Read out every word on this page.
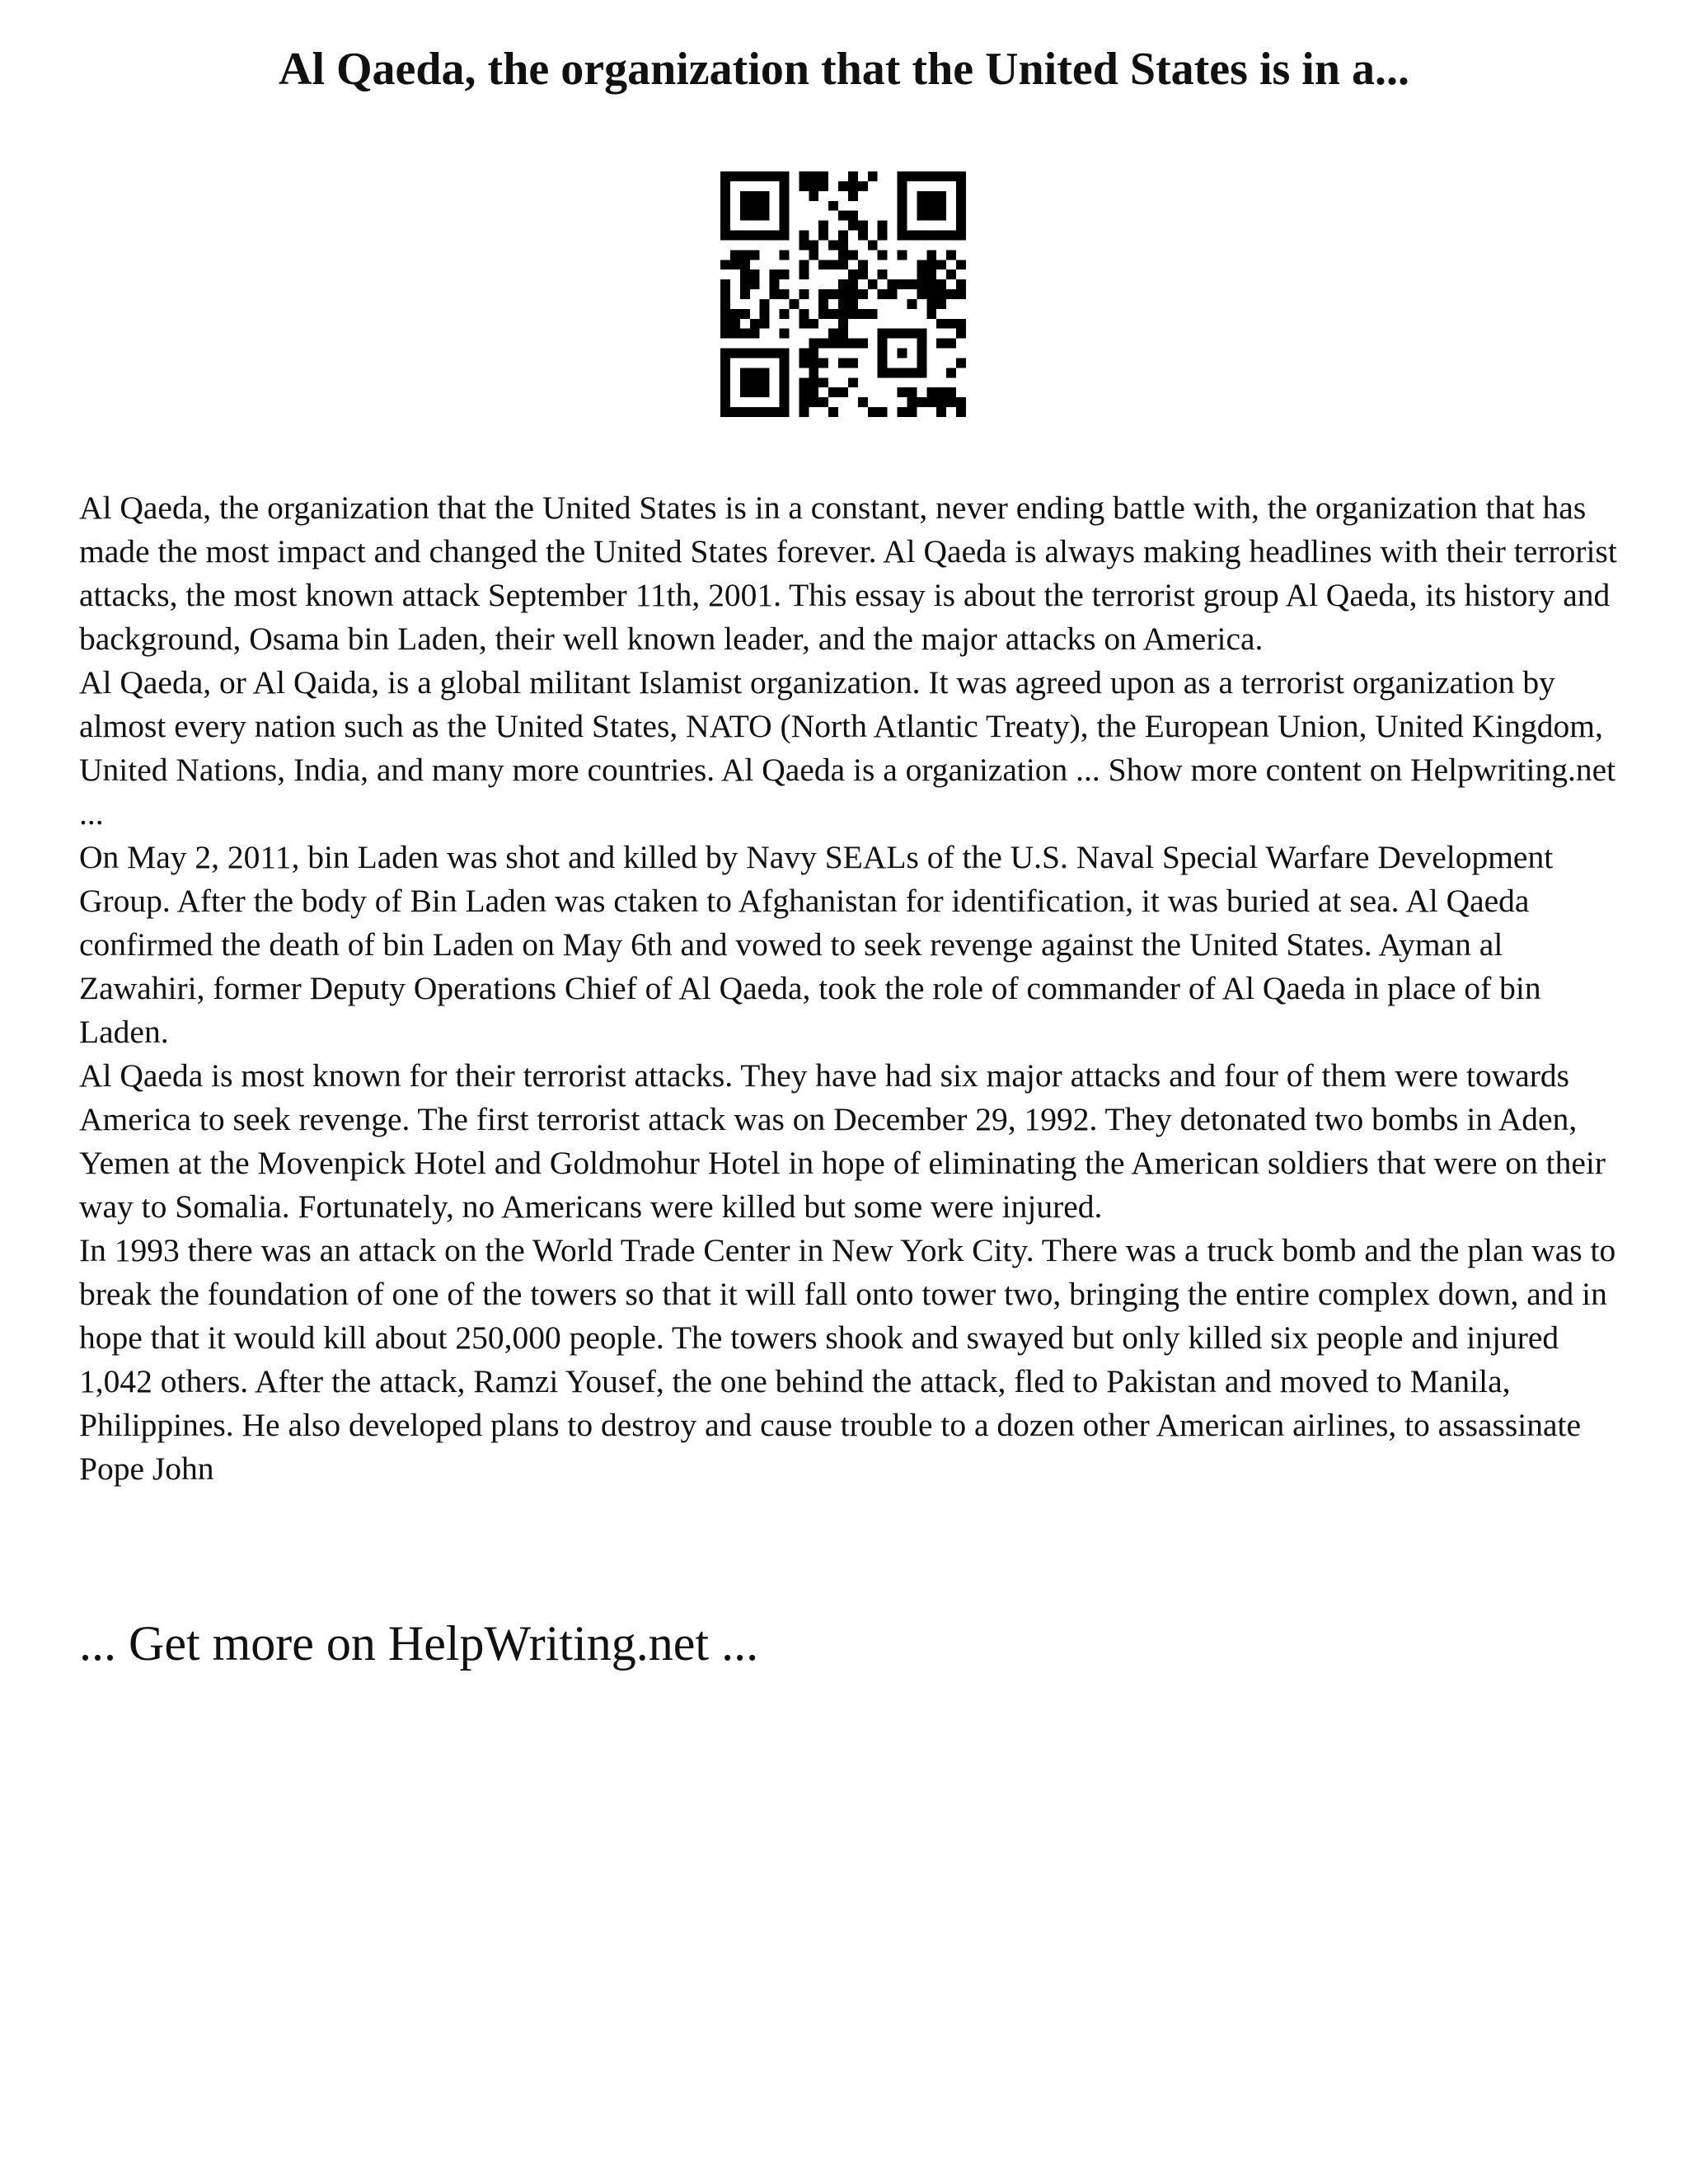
Al Qaeda, the organization that the United States is in a...

Al Qaeda, the organization that the United States is in a constant, never ending battle with, the organization that has made the most impact and changed the United States forever. Al Qaeda is always making headlines with their terrorist attacks, the most known attack September 11th, 2001. This essay is about the terrorist group Al Qaeda, its history and background, Osama bin Laden, their well known leader, and the major attacks on America.

Al Qaeda, or Al Qaida, is a global militant Islamist organization. It was agreed upon as a terrorist organization by almost every nation such as the United States, NATO (North Atlantic Treaty), the European Union, United Kingdom, United Nations, India, and many more countries. Al Qaeda is a organization ... Show more content on Helpwriting.net ...

On May 2, 2011, bin Laden was shot and killed by Navy SEALs of the U.S. Naval Special Warfare Development Group. After the body of Bin Laden was ctaken to Afghanistan for identification, it was buried at sea. Al Qaeda confirmed the death of bin Laden on May 6th and vowed to seek revenge against the United States. Ayman al Zawahiri, former Deputy Operations Chief of Al Qaeda, took the role of commander of Al Qaeda in place of bin Laden.

Al Qaeda is most known for their terrorist attacks. They have had six major attacks and four of them were towards America to seek revenge. The first terrorist attack was on December 29, 1992. They detonated two bombs in Aden, Yemen at the Movenpick Hotel and Goldmohur Hotel in hope of eliminating the American soldiers that were on their way to Somalia. Fortunately, no Americans were killed but some were injured.

In 1993 there was an attack on the World Trade Center in New York City. There was a truck bomb and the plan was to break the foundation of one of the towers so that it will fall onto tower two, bringing the entire complex down, and in hope that it would kill about 250,000 people. The towers shook and swayed but only killed six people and injured 1,042 others. After the attack, Ramzi Yousef, the one behind the attack, fled to Pakistan and moved to Manila, Philippines. He also developed plans to destroy and cause trouble to a dozen other American airlines, to assassinate Pope John

... Get more on HelpWriting.net ...
